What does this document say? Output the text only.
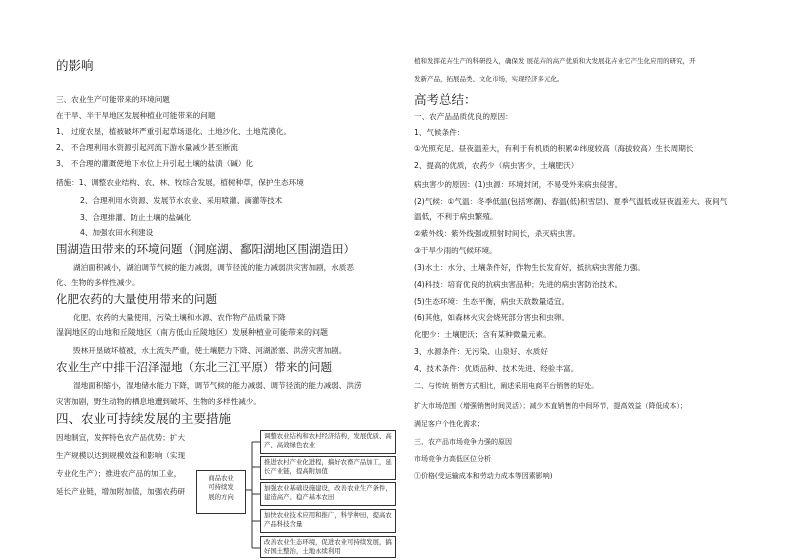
的影响
三、农业生产可能带来的环境问题
在干旱、半干旱地区发展种植业可能带来的问题
1、 过度农垦，植被破坏严重引起草场退化、土地沙化、土地荒漠化。
2、 不合理利用水资源引起河流下游水量减少甚至断流
3、 不合理的灌溉使地下水位上升引起土壤的盐渍（碱）化
措施：1、调整农业结构、农、林、牧综合发展，植树种草，保护生态环境
2、合理利用水资源、发展节水农业、采用喷灌、滴灌等技术
3、合理排灌、防止土壤的盐碱化
4、加强农田水利建设
围湖造田带来的环境问题（洞庭湖、鄱阳湖地区围湖造田）
湖泊面积减小，湖泊调节气候的能力减弱，调节径流的能力减弱洪灾害加剧，水质恶
化、生物的多样性减少。
化肥农药的大量使用带来的问题
化肥、农药的大量使用，污染土壤和水源、农作物产品质量下降
湿润地区的山地和丘陵地区（南方低山丘陵地区）发展种植业可能带来的问题
毁林开垦破坏植被，水土流失严重，使土壤肥力下降、河湖淤塞、洪涝灾害加剧。
农业生产中排干沼泽湿地（东北三江平原）带来的问题
湿地面积缩小，湿地储水能力下降，调节气候的能力减弱、调节径流的能力减弱、洪涝
灾害加剧，野生动物的栖息地遭到破坏、生物的多样性减少。
四、农业可持续发展的主要措施
因地制宜，发挥特色农产品优势；扩大
生产规模以达到规模效益和影响（实现
专业化生产）；推进农产品的加工业，
延长产业链，增加附加值，加强农药研
商品农业
可持续发
展的方向
调整农业结构和农村经济结构，发展优质、高产、高效绿色农业
推进农村产业化进程，搞好农畜产品加工，延长产业链，提高附加值
加强农业基础设施建设，改善农业生产条件，建造高产、稳产基本农田
加快农业技术应用和推广，科学种田，提高农产品科技含量
改善农业生态环境，促进农业可持续发展，搞好国土整治，土地永续利用
植和发挥花卉生产的科研投入，确保发 展花卉的高产优质和大发展花卉业它产生化应用的研究，开
发新产品，拓展品类、文化市场，实现经济多元化。
高考总结：
一、农产品品质优良的原因：
1、气候条件：
①光照充足、昼夜温差大，有利于有机质的积累②纬度较高（海拔较高）生长周期长
2、提高的优质，农药少（病虫害少，土壤肥沃）
病虫害少的原因：(1)虫源：环境封闭，不易受外来病虫侵害。
(2)气候：①气温：冬季低温(包括寒潮)、春温(低)积雪层)、夏季气温低或昼夜温差大、夜间气
温低，不利于病虫繁殖。
②紫外线：紫外线强或照射时间长，杀灭病虫害。
③干旱少雨的气候环境。
(3)水土：水分、土壤条件好，作物生长发育好，抵抗病虫害能力强。
(4)科技：培育优良的抗病虫害品种；先进的病虫害防治技术。
(5)生态环境：生态平衡，病虫天敌数量适宜。
(6)其他，如森林火灾会烧死部分害虫和虫卵。
化肥少：土壤肥沃；含有某种微量元素。
3、水源条件：无污染、山泉好、水质好
4、技术条件：优质品种、技术先进、经验丰富。
二、与传统 销售方式相比，阐述采用电商平台销售的好处。
扩大市场范围（增强销售时间灵活）；减少木直销售的中间环节，提高效益（降低成本）；
满足客户个性化需求；
三、农产品市场竞争力强的原因
市场竞争力高低区位分析
①价格(受运输成本和劳动力成本等因素影响)
